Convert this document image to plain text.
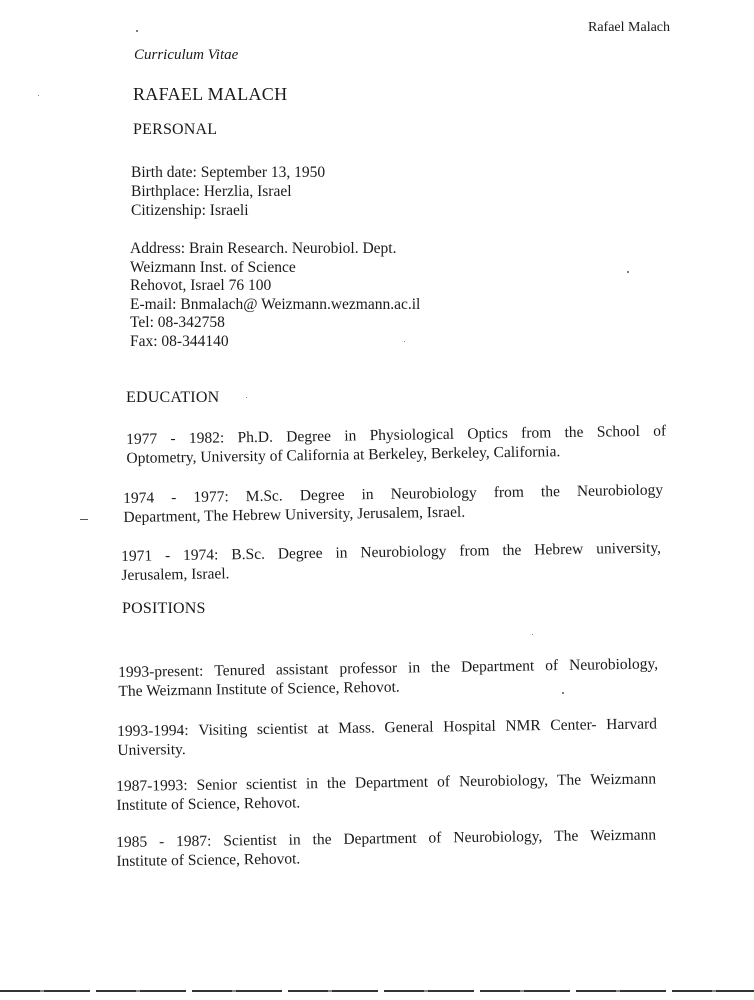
Rafael Malach
Curriculum Vitae
RAFAEL MALACH
PERSONAL
Birth date: September 13, 1950
Birthplace: Herzlia, Israel
Citizenship: Israeli
Address: Brain Research. Neurobiol. Dept.
Weizmann Inst. of Science
Rehovot, Israel 76 100
E-mail: Bnmalach@ Weizmann.wezmann.ac.il
Tel: 08-342758
Fax: 08-344140
EDUCATION
1977 - 1982: Ph.D. Degree in Physiological Optics from the School of
Optometry, University of California at Berkeley, Berkeley, California.
1974 - 1977: M.Sc. Degree in Neurobiology from the Neurobiology
Department, The Hebrew University, Jerusalem, Israel.
1971 - 1974: B.Sc. Degree in Neurobiology from the Hebrew university,
Jerusalem, Israel.
POSITIONS
1993-present: Tenured assistant professor in the Department of Neurobiology,
The Weizmann Institute of Science, Rehovot.
1993-1994: Visiting scientist at Mass. General Hospital NMR Center- Harvard
University.
1987-1993: Senior scientist in the Department of Neurobiology, The Weizmann
Institute of Science, Rehovot.
1985 - 1987: Scientist in the Department of Neurobiology, The Weizmann
Institute of Science, Rehovot.
